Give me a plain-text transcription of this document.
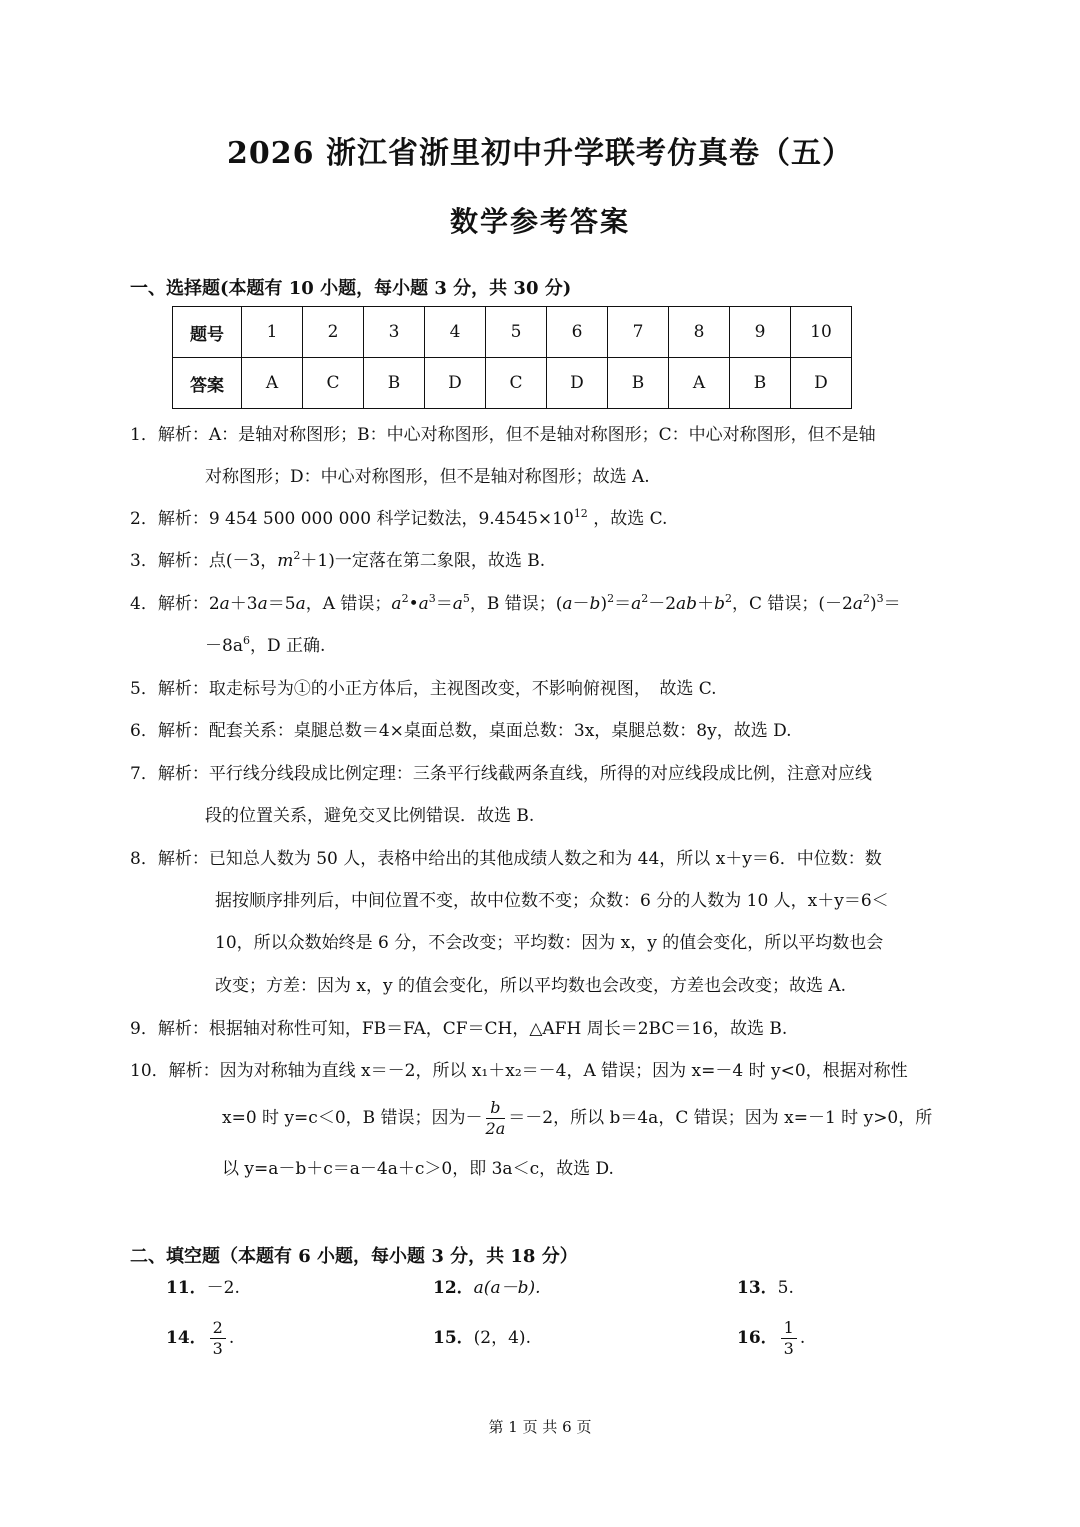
2026 浙江省浙里初中升学联考仿真卷（五）
数学参考答案
一、选择题(本题有 10 小题，每小题 3 分，共 30 分)
题号	1	2	3	4	5	6	7	8	9	10
答案	A	C	B	D	C	D	B	A	B	D
1．解析：A：是轴对称图形；B：中心对称图形，但不是轴对称图形；C：中心对称图形，但不是轴
对称图形；D：中心对称图形，但不是轴对称图形；故选 A.
2．解析：9 454 500 000 000 科学记数法，$9.4545\times 10^{12}$ ，故选 C.
3．解析：点(－3，$m^2+1$)一定落在第二象限，故选 B.
4．解析：2a＋3a＝5a，A 错误；$a^2•a^3=a^5$，B 错误；$(a-b)^2=a^2-2ab+b^2$，C 错误；$(-2a^2)^3=$
$-8a^6$，D 正确.
5．解析：取走标号为①的小正方体后，主视图改变，不影响俯视图，　故选 C.
6．解析：配套关系：桌腿总数＝4×桌面总数，桌面总数：3x，桌腿总数：8y，故选 D.
7．解析：平行线分线段成比例定理：三条平行线截两条直线，所得的对应线段成比例，注意对应线
段的位置关系，避免交叉比例错误．故选 B.
8．解析：已知总人数为 50 人，表格中给出的其他成绩人数之和为 44，所以 x＋y＝6．中位数：数
据按顺序排列后，中间位置不变，故中位数不变；众数：6 分的人数为 10 人，x＋y＝6＜
10，所以众数始终是 6 分，不会改变；平均数：因为 x，y 的值会变化，所以平均数也会
改变；方差：因为 x，y 的值会变化，所以平均数也会改变，方差也会改变；故选 A.
9．解析：根据轴对称性可知，FB＝FA，CF＝CH，△AFH 周长＝2BC＝16，故选 B.
10．解析：因为对称轴为直线 x＝－2，所以 x₁＋x₂＝－4，A 错误；因为 x=－4 时 y<0，根据对称性
x=0 时 y=c＜0，B 错误；因为－ $\frac{b}{2a} =-2$，所以 b＝4a，C 错误；因为 x=－1 时 y>0，所
以 y=a－b＋c＝a－4a＋c＞0，即 3a＜c，故选 D.
二、填空题（本题有 6 小题，每小题 3 分，共 18 分）
11．－2.	12．a(a－b).	13．5.
14． $\frac{2}{3}$ .	15．(2，4).	16． $\frac{1}{3}$ .
第 1 页 共 6 页
